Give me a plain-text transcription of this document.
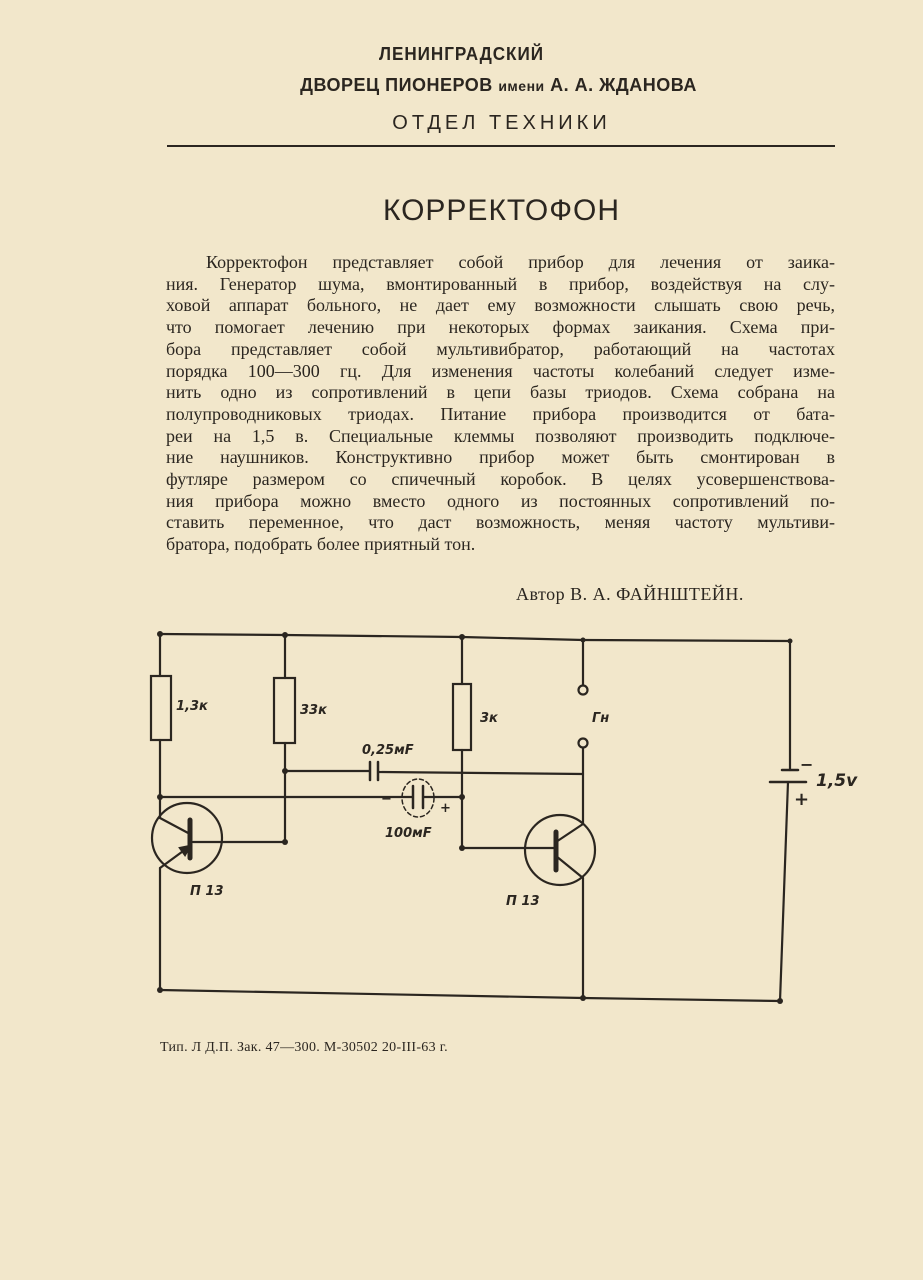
ЛЕНИНГРАДСКИЙ
ДВОРЕЦ ПИОНЕРОВ имени А. А. ЖДАНОВА
ОТДЕЛ ТЕХНИКИ
КОРРЕКТОФОН
Корректофон представляет собой прибор для лечения от заика-
ния. Генератор шума, вмонтированный в прибор, воздействуя на слу-
ховой аппарат больного, не дает ему возможности слышать свою речь,
что помогает лечению при некоторых формах заикания. Схема при-
бора представляет собой мультивибратор, работающий на частотах
порядка 100—300 гц. Для изменения частоты колебаний следует изме-
нить одно из сопротивлений в цепи базы триодов. Схема собрана на
полупроводниковых триодах. Питание прибора производится от бата-
реи на 1,5 в. Специальные клеммы позволяют производить подключе-
ние наушников. Конструктивно прибор может быть смонтирован в
футляре размером со спичечный коробок. В целях усовершенствова-
ния прибора можно вместо одного из постоянных сопротивлений по-
ставить переменное, что даст возможность, меняя частоту мультиви-
братора, подобрать более приятный тон.
Автор В. А. ФАЙНШТЕЙН.
1,3к	33к
3к
0,25мF
100мF
−
+
Гн
П 13
П 13
1,5v
−
+
Тип. Л Д.П. Зак. 47—300. М-30502 20-III-63 г.
